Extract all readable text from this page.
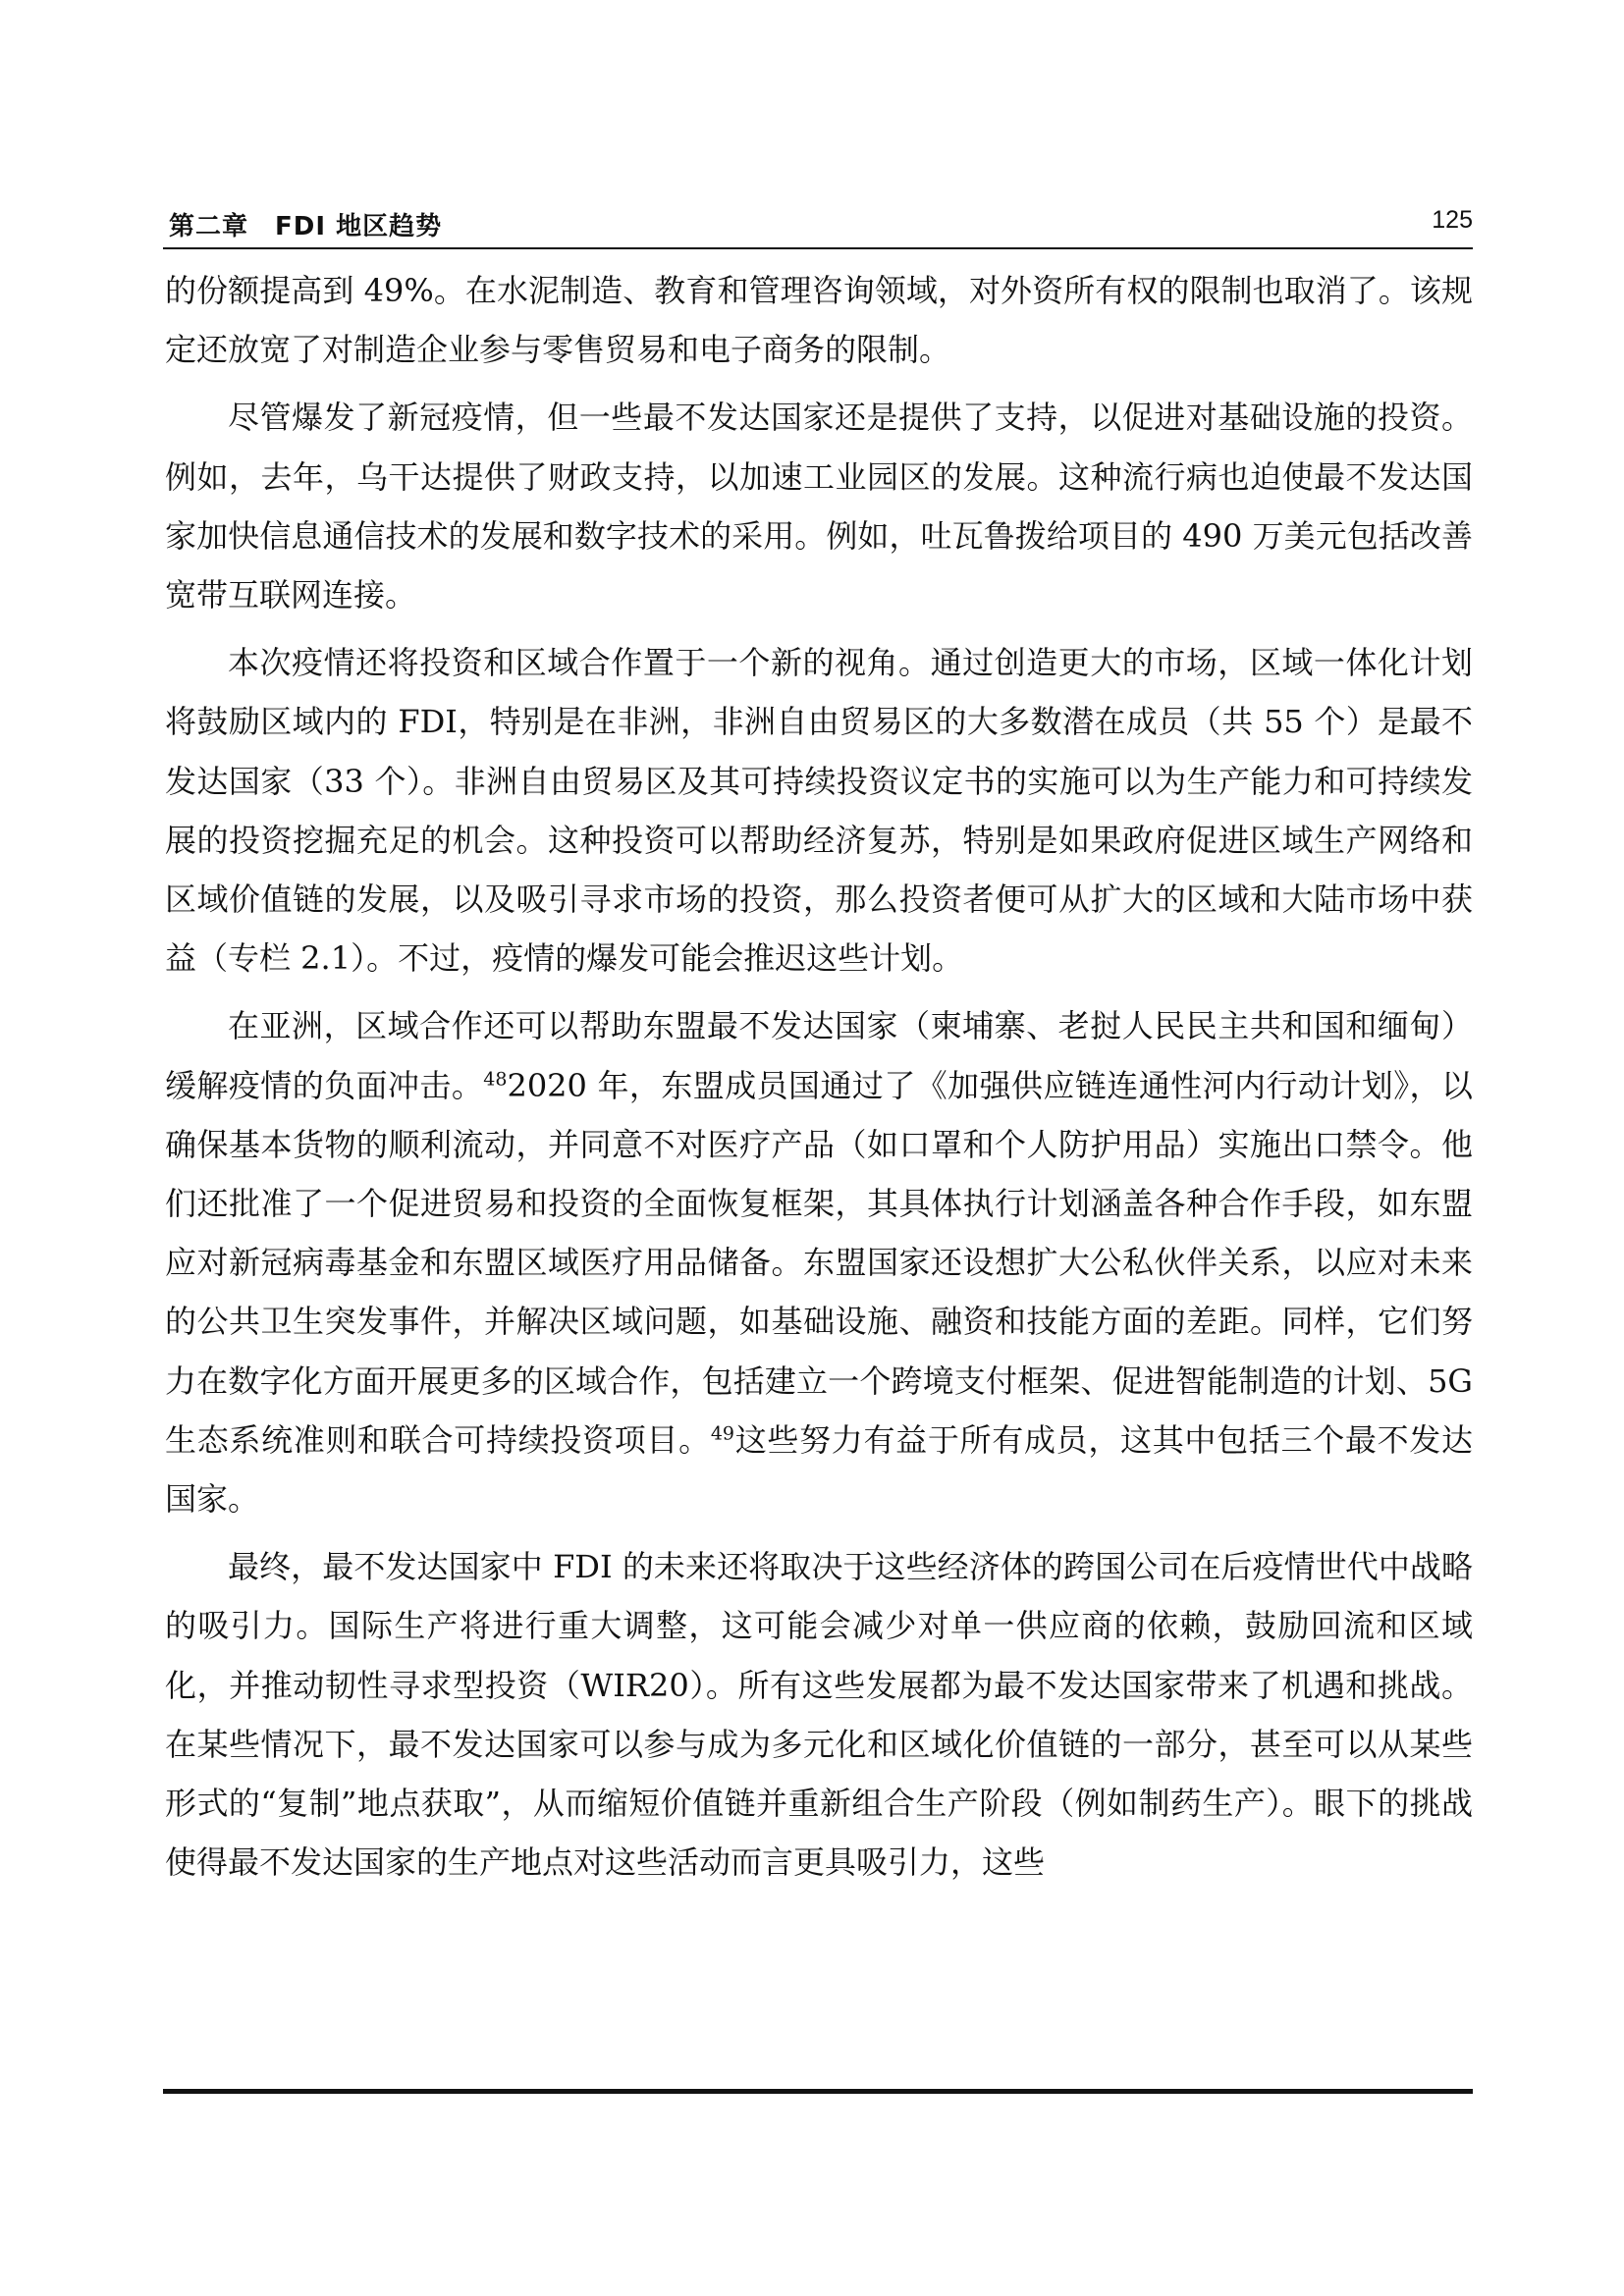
第二章　FDI 地区趋势	125

的份额提高到 49%。在水泥制造、教育和管理咨询领域，对外资所有权的限制也取消了。该规定还放宽了对制造企业参与零售贸易和电子商务的限制。

尽管爆发了新冠疫情，但一些最不发达国家还是提供了支持，以促进对基础设施的投资。例如，去年，乌干达提供了财政支持，以加速工业园区的发展。这种流行病也迫使最不发达国家加快信息通信技术的发展和数字技术的采用。例如，吐瓦鲁拨给项目的 490 万美元包括改善宽带互联网连接。

本次疫情还将投资和区域合作置于一个新的视角。通过创造更大的市场，区域一体化计划将鼓励区域内的 FDI，特别是在非洲，非洲自由贸易区的大多数潜在成员（共 55 个）是最不发达国家（33 个）。非洲自由贸易区及其可持续投资议定书的实施可以为生产能力和可持续发展的投资挖掘充足的机会。这种投资可以帮助经济复苏，特别是如果政府促进区域生产网络和区域价值链的发展，以及吸引寻求市场的投资，那么投资者便可从扩大的区域和大陆市场中获益（专栏 2.1）。不过，疫情的爆发可能会推迟这些计划。

在亚洲，区域合作还可以帮助东盟最不发达国家（柬埔寨、老挝人民民主共和国和缅甸）缓解疫情的负面冲击。$^{48}$2020 年，东盟成员国通过了《加强供应链连通性河内行动计划》，以确保基本货物的顺利流动，并同意不对医疗产品（如口罩和个人防护用品）实施出口禁令。他们还批准了一个促进贸易和投资的全面恢复框架，其具体执行计划涵盖各种合作手段，如东盟应对新冠病毒基金和东盟区域医疗用品储备。东盟国家还设想扩大公私伙伴关系，以应对未来的公共卫生突发事件，并解决区域问题，如基础设施、融资和技能方面的差距。同样，它们努力在数字化方面开展更多的区域合作，包括建立一个跨境支付框架、促进智能制造的计划、5G 生态系统准则和联合可持续投资项目。$^{49}$这些努力有益于所有成员，这其中包括三个最不发达国家。

最终，最不发达国家中 FDI 的未来还将取决于这些经济体的跨国公司在后疫情世代中战略的吸引力。国际生产将进行重大调整，这可能会减少对单一供应商的依赖，鼓励回流和区域化，并推动韧性寻求型投资（WIR20）。所有这些发展都为最不发达国家带来了机遇和挑战。在某些情况下，最不发达国家可以参与成为多元化和区域化价值链的一部分，甚至可以从某些形式的“复制”地点获取”，从而缩短价值链并重新组合生产阶段（例如制药生产）。眼下的挑战使得最不发达国家的生产地点对这些活动而言更具吸引力，这些
